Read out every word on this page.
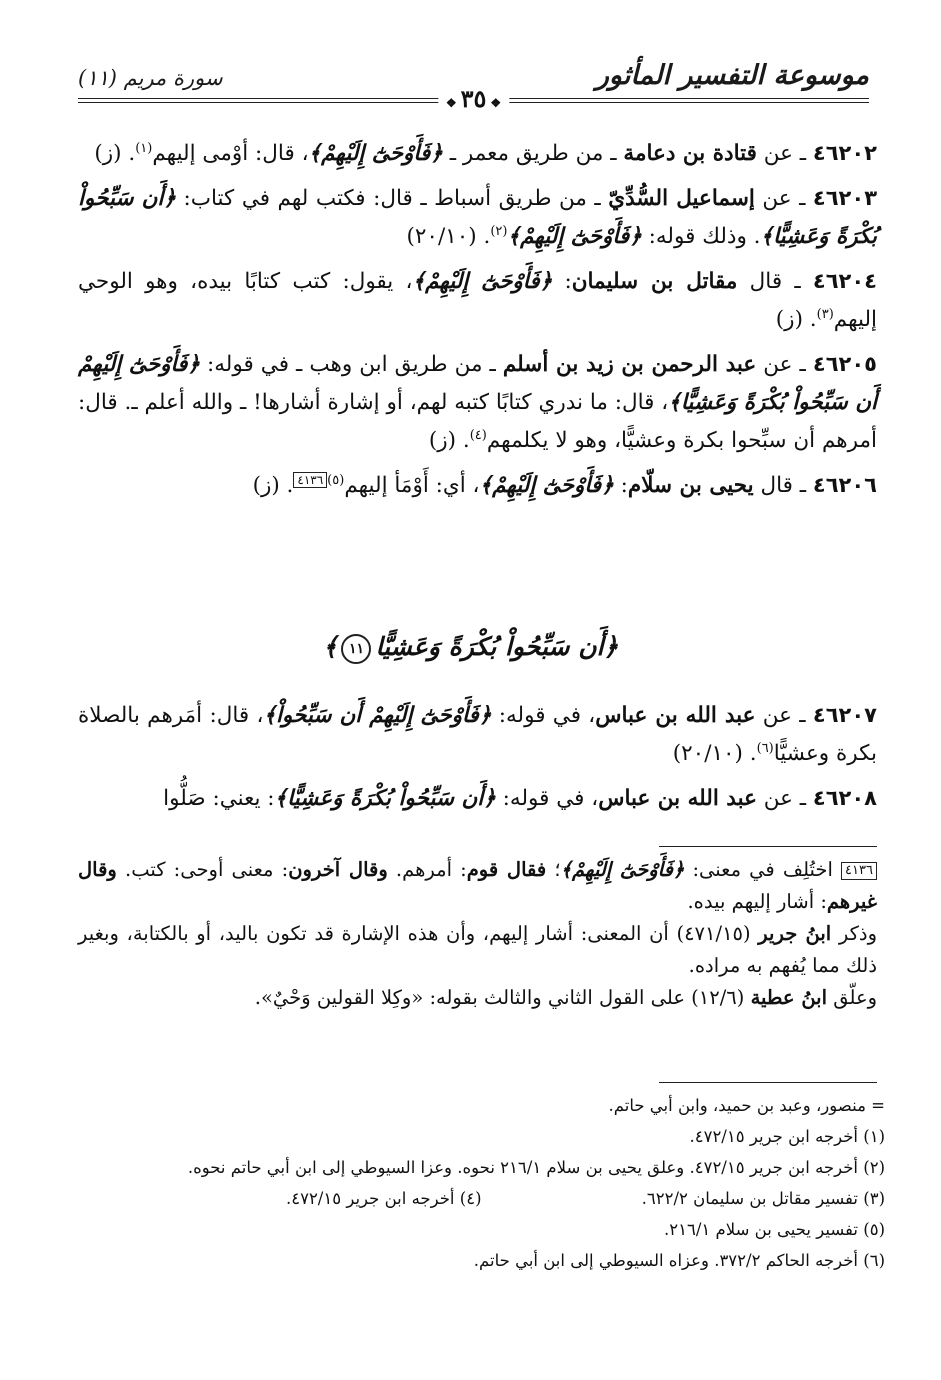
موسوعة التفسير المأثور
❖٣٥❖
سورة مريم (١١)

٤٦٢٠٢ ـ عن قتادة بن دعامة ـ من طريق معمر ـ ﴿فَأَوْحَىٰٓ إِلَيْهِمْ﴾، قال: أوْمى إليهم$^{(١)}$. (ز)

٤٦٢٠٣ ـ عن إسماعيل السُّدِّيّ ـ من طريق أسباط ـ قال: فكتب لهم في كتاب: ﴿أَن سَبِّحُواْ بُكْرَةً وَعَشِيًّا﴾. وذلك قوله: ﴿فَأَوْحَىٰٓ إِلَيْهِمْ﴾$^{(٢)}$. (٢٠/١٠)

٤٦٢٠٤ ـ قال مقاتل بن سليمان: ﴿فَأَوْحَىٰٓ إِلَيْهِمْ﴾، يقول: كتب كتابًا بيده، وهو الوحي إليهم$^{(٣)}$. (ز)

٤٦٢٠٥ ـ عن عبد الرحمن بن زيد بن أسلم ـ من طريق ابن وهب ـ في قوله: ﴿فَأَوْحَىٰٓ إِلَيْهِمْ أَن سَبِّحُواْ بُكْرَةً وَعَشِيًّا﴾، قال: ما ندري كتابًا كتبه لهم، أو إشارة أشارها! ـ والله أعلم ـ. قال: أمرهم أن سبِّحوا بكرة وعشيًّا، وهو لا يكلمهم$^{(٤)}$. (ز)

٤٦٢٠٦ ـ قال يحيى بن سلّام: ﴿فَأَوْحَىٰٓ إِلَيْهِمْ﴾، أي: أَوْمَأ إليهم$^{(٥)}$٤١٣٦. (ز)

﴿أَن سَبِّحُواْ بُكْرَةً وَعَشِيًّا١١﴾

٤٦٢٠٧ ـ عن عبد الله بن عباس، في قوله: ﴿فَأَوْحَىٰٓ إِلَيْهِمْ أَن سَبِّحُواْ﴾، قال: أمَرهم بالصلاة بكرة وعشيًّا$^{(٦)}$. (٢٠/١٠)

٤٦٢٠٨ ـ عن عبد الله بن عباس، في قوله: ﴿أَن سَبِّحُواْ بُكْرَةً وَعَشِيًّا﴾: يعني: صَلُّوا

٤١٣٦ اختُلِف في معنى: ﴿فَأَوْحَىٰٓ إِلَيْهِمْ﴾؛ فقال قوم: أمرهم. وقال آخرون: معنى أوحى: كتب. وقال غيرهم: أشار إليهم بيده.

وذكر ابنُ جرير (٤٧١/١٥) أن المعنى: أشار إليهم، وأن هذه الإشارة قد تكون باليد، أو بالكتابة، وبغير ذلك مما يُفهم به مراده.

وعلّق ابنُ عطية (١٢/٦) على القول الثاني والثالث بقوله: «وكِلا القولين وَحْيٌ».

= منصور، وعبد بن حميد، وابن أبي حاتم.

(١) أخرجه ابن جرير ٤٧٢/١٥.

(٢) أخرجه ابن جرير ٤٧٢/١٥. وعلق يحيى بن سلام ٢١٦/١ نحوه. وعزا السيوطي إلى ابن أبي حاتم نحوه.

(٣) تفسير مقاتل بن سليمان ٦٢٢/٢.
(٤) أخرجه ابن جرير ٤٧٢/١٥.

(٥) تفسير يحيى بن سلام ٢١٦/١.

(٦) أخرجه الحاكم ٣٧٢/٢. وعزاه السيوطي إلى ابن أبي حاتم.
